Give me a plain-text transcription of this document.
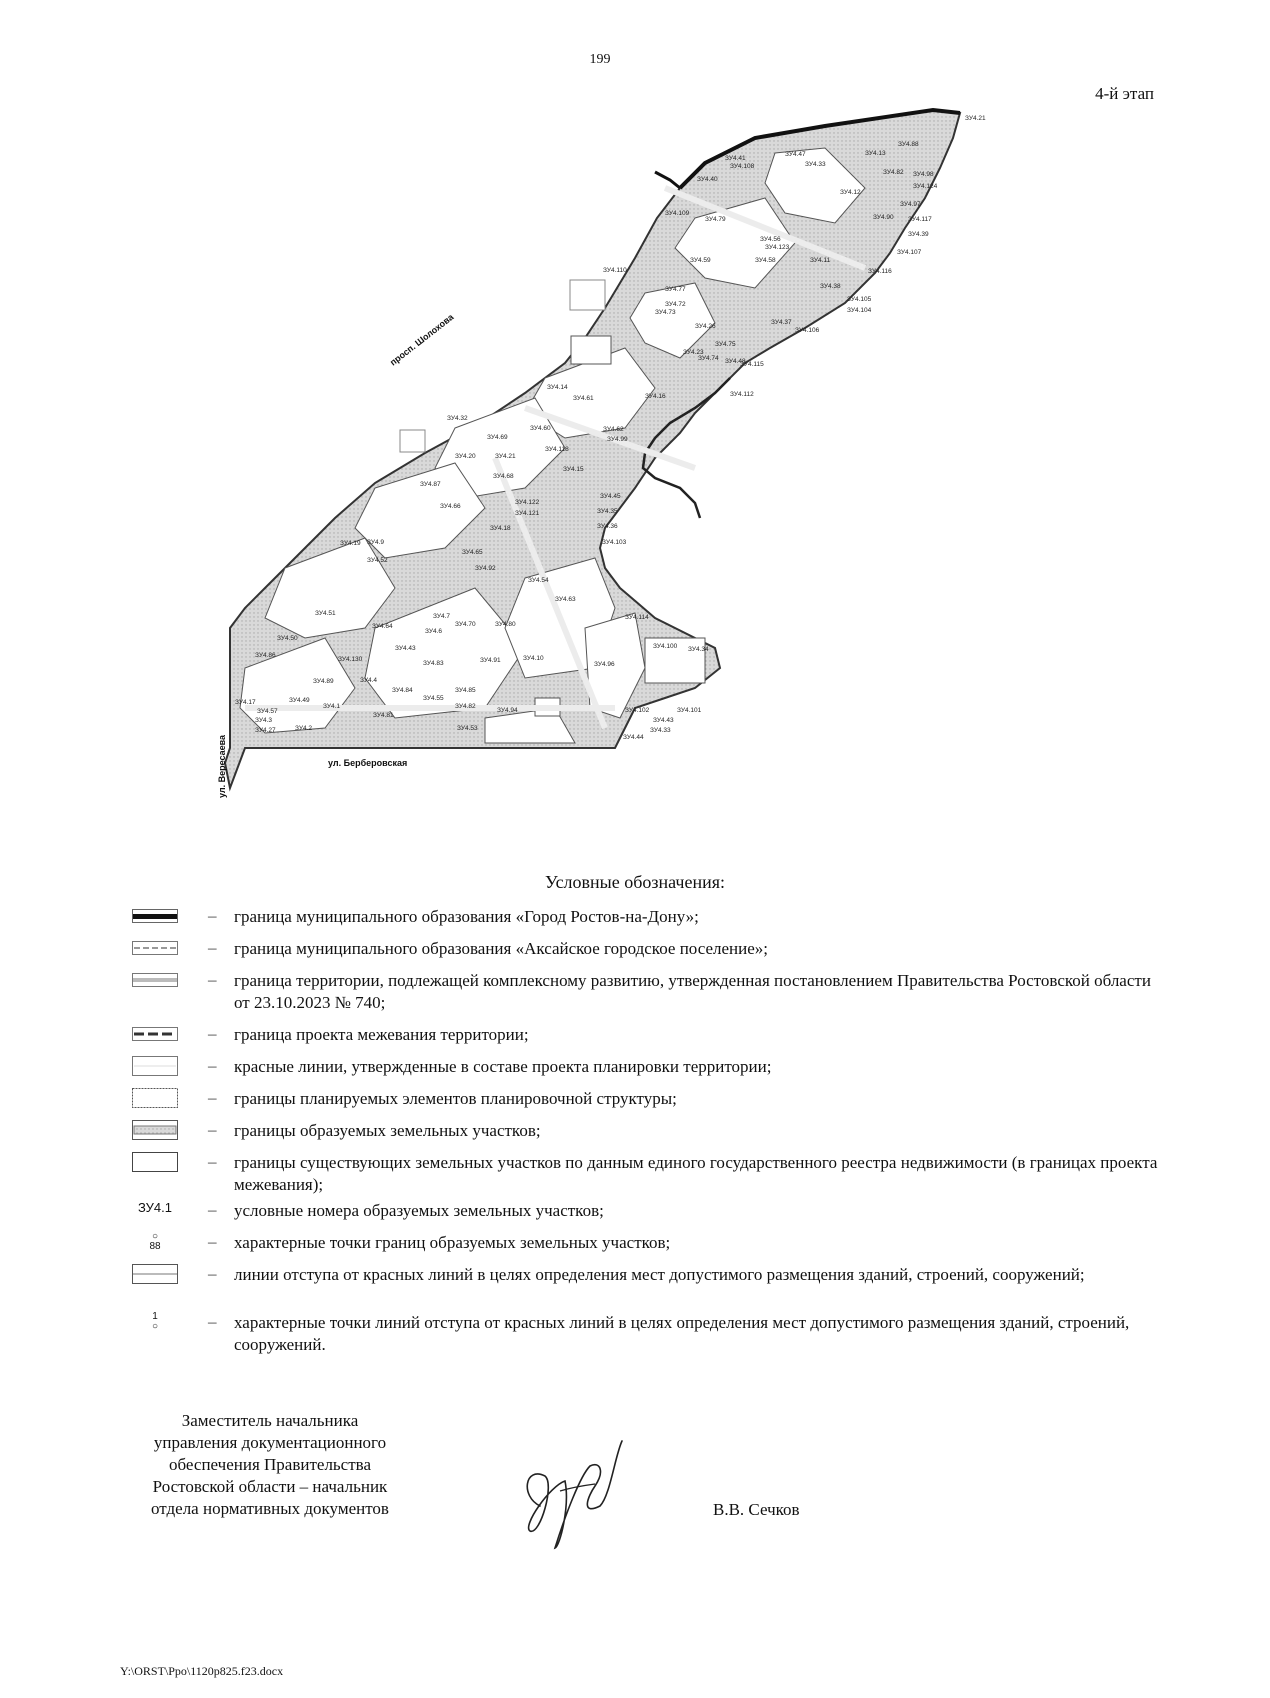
199
4-й этап
ЗУ4.21
ЗУ4.47
ЗУ4.33
ЗУ4.41
ЗУ4.108
ЗУ4.13
ЗУ4.88
ЗУ4.98
ЗУ4.124
ЗУ4.40
ЗУ4.12
ЗУ4.82
ЗУ4.97
ЗУ4.109
ЗУ4.79	ЗУ4.90 ЗУ4.117
ЗУ4.39
ЗУ4.56
ЗУ4.123
ЗУ4.107
ЗУ4.110
ЗУ4.59	ЗУ4.58	ЗУ4.11
ЗУ4.116
ЗУ4.77	ЗУ4.38
ЗУ4.105
ЗУ4.72
ЗУ4.104
ЗУ4.73
ЗУ4.37
ЗУ4.106
ЗУ4.26
ЗУ4.75
ЗУ4.23
ЗУ4.74 ЗУ4.48
ЗУ4.115
ЗУ4.14
ЗУ4.61	ЗУ4.16	ЗУ4.112
ЗУ4.32
ЗУ4.60	ЗУ4.62
ЗУ4.69	ЗУ4.99
ЗУ4.20	ЗУ4.21
ЗУ4.118
ЗУ4.15
ЗУ4.87
ЗУ4.68
ЗУ4.45
ЗУ4.66
ЗУ4.122
ЗУ4.35
ЗУ4.121
ЗУ4.36
ЗУ4.18
ЗУ4.103
ЗУ4.19 ЗУ4.9
ЗУ4.65
ЗУ4.52
ЗУ4.92
ЗУ4.54
ЗУ4.51
ЗУ4.63
ЗУ4.7
ЗУ4.64
ЗУ4.6
ЗУ4.70	ЗУ4.80
ЗУ4.114
ЗУ4.50
ЗУ4.43	ЗУ4.100 ЗУ4.34
ЗУ4.86
ЗУ4.130
ЗУ4.83	ЗУ4.91	ЗУ4.10
ЗУ4.96
ЗУ4.89	ЗУ4.4
ЗУ4.84	ЗУ4.85
ЗУ4.17	ЗУ4.49
ЗУ4.1
ЗУ4.55
ЗУ4.82
ЗУ4.94	ЗУ4.102	ЗУ4.101
ЗУ4.57
ЗУ4.81
ЗУ4.3	ЗУ4.43
ЗУ4.27	ЗУ4.2	ЗУ4.53	ЗУ4.33
ЗУ4.44
просп. Шолохова
ул. Берберовская
ул. Вересаева
Условные обозначения:
– граница муниципального образования «Город Ростов-на-Дону»;
– граница муниципального образования «Аксайское городское поселение»;
– граница территории, подлежащей комплексному развитию, утвержденная постановлением Правительства Ростовской области от 23.10.2023 № 740;
– граница проекта межевания территории;
– красные линии, утвержденные в составе проекта планировки территории;
– границы планируемых элементов планировочной структуры;
– границы образуемых земельных участков;
– границы существующих земельных участков по данным единого государственного реестра недвижимости (в границах проекта межевания);
ЗУ4.1	– условные номера образуемых земельных участков;
○
88	– характерные точки границ образуемых земельных участков;
– линии отступа от красных линий в целях определения мест допустимого размещения зданий, строений, сооружений;
1
○	– характерные точки линий отступа от красных линий в целях определения мест допустимого размещения зданий, строений, сооружений.
Заместитель начальника
управления документационного
обеспечения Правительства
Ростовской области – начальник
отдела нормативных документов	В.В. Сечков
Y:\ORST\Ppo\1120p825.f23.docx
